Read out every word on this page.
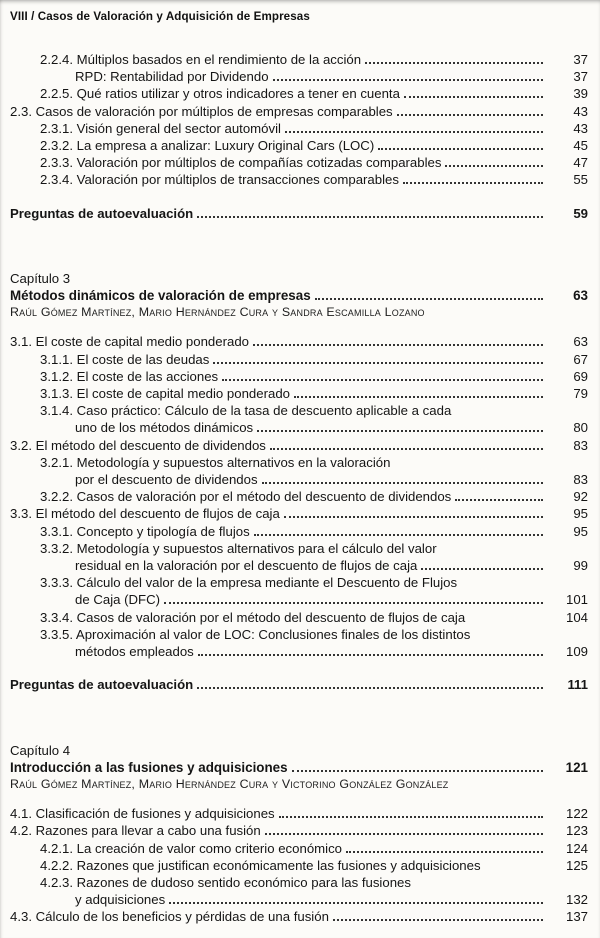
VIII / Casos de Valoración y Adquisición de Empresas
2.2.4. Múltiplos basados en el rendimiento de la acción	37
RPD: Rentabilidad por Dividendo	37
2.2.5. Qué ratios utilizar y otros indicadores a tener en cuenta	39
2.3. Casos de valoración por múltiplos de empresas comparables	43
2.3.1. Visión general del sector automóvil	43
2.3.2. La empresa a analizar: Luxury Original Cars (LOC)	45
2.3.3. Valoración por múltiplos de compañías cotizadas comparables	47
2.3.4. Valoración por múltiplos de transacciones comparables	55
Preguntas de autoevaluación	59
Capítulo 3
Métodos dinámicos de valoración de empresas	63
Raúl Gómez Martínez, Mario Hernández Cura y Sandra Escamilla Lozano
3.1. El coste de capital medio ponderado	63
3.1.1. El coste de las deudas	67
3.1.2. El coste de las acciones	69
3.1.3. El coste de capital medio ponderado	79
3.1.4. Caso práctico: Cálculo de la tasa de descuento aplicable a cada
uno de los métodos dinámicos	80
3.2. El método del descuento de dividendos	83
3.2.1. Metodología y supuestos alternativos en la valoración
por el descuento de dividendos	83
3.2.2. Casos de valoración por el método del descuento de dividendos	92
3.3. El método del descuento de flujos de caja	95
3.3.1. Concepto y tipología de flujos	95
3.3.2. Metodología y supuestos alternativos para el cálculo del valor
residual en la valoración por el descuento de flujos de caja	99
3.3.3. Cálculo del valor de la empresa mediante el Descuento de Flujos
de Caja (DFC)	101
3.3.4. Casos de valoración por el método del descuento de flujos de caja	104
3.3.5. Aproximación al valor de LOC: Conclusiones finales de los distintos
métodos empleados	109
Preguntas de autoevaluación	111
Capítulo 4
Introducción a las fusiones y adquisiciones	121
Raúl Gómez Martínez, Mario Hernández Cura y Victorino González González
4.1. Clasificación de fusiones y adquisiciones	122
4.2. Razones para llevar a cabo una fusión	123
4.2.1. La creación de valor como criterio económico	124
4.2.2. Razones que justifican económicamente las fusiones y adquisiciones	125
4.2.3. Razones de dudoso sentido económico para las fusiones
y adquisiciones	132
4.3. Cálculo de los beneficios y pérdidas de una fusión	137
